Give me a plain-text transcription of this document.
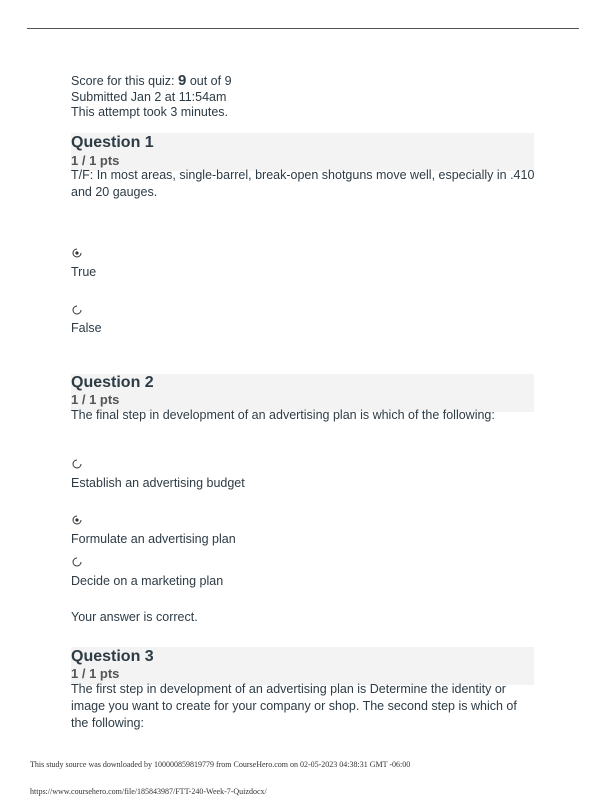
Score for this quiz: 9 out of 9
Submitted Jan 2 at 11:54am
This attempt took 3 minutes.
Question 1
1 / 1 pts
T/F: In most areas, single-barrel, break-open shotguns move well, especially in .410 and 20 gauges.
True
False
Question 2
1 / 1 pts
The final step in development of an advertising plan is which of the following:
Establish an advertising budget
Formulate an advertising plan
Decide on a marketing plan
Your answer is correct.
Question 3
1 / 1 pts
The first step in development of an advertising plan is Determine the identity or image you want to create for your company or shop. The second step is which of the following:
This study source was downloaded by 100000859819779 from CourseHero.com on 02-05-2023 04:38:31 GMT -06:00
https://www.coursehero.com/file/185843987/FTT-240-Week-7-Quizdocx/
